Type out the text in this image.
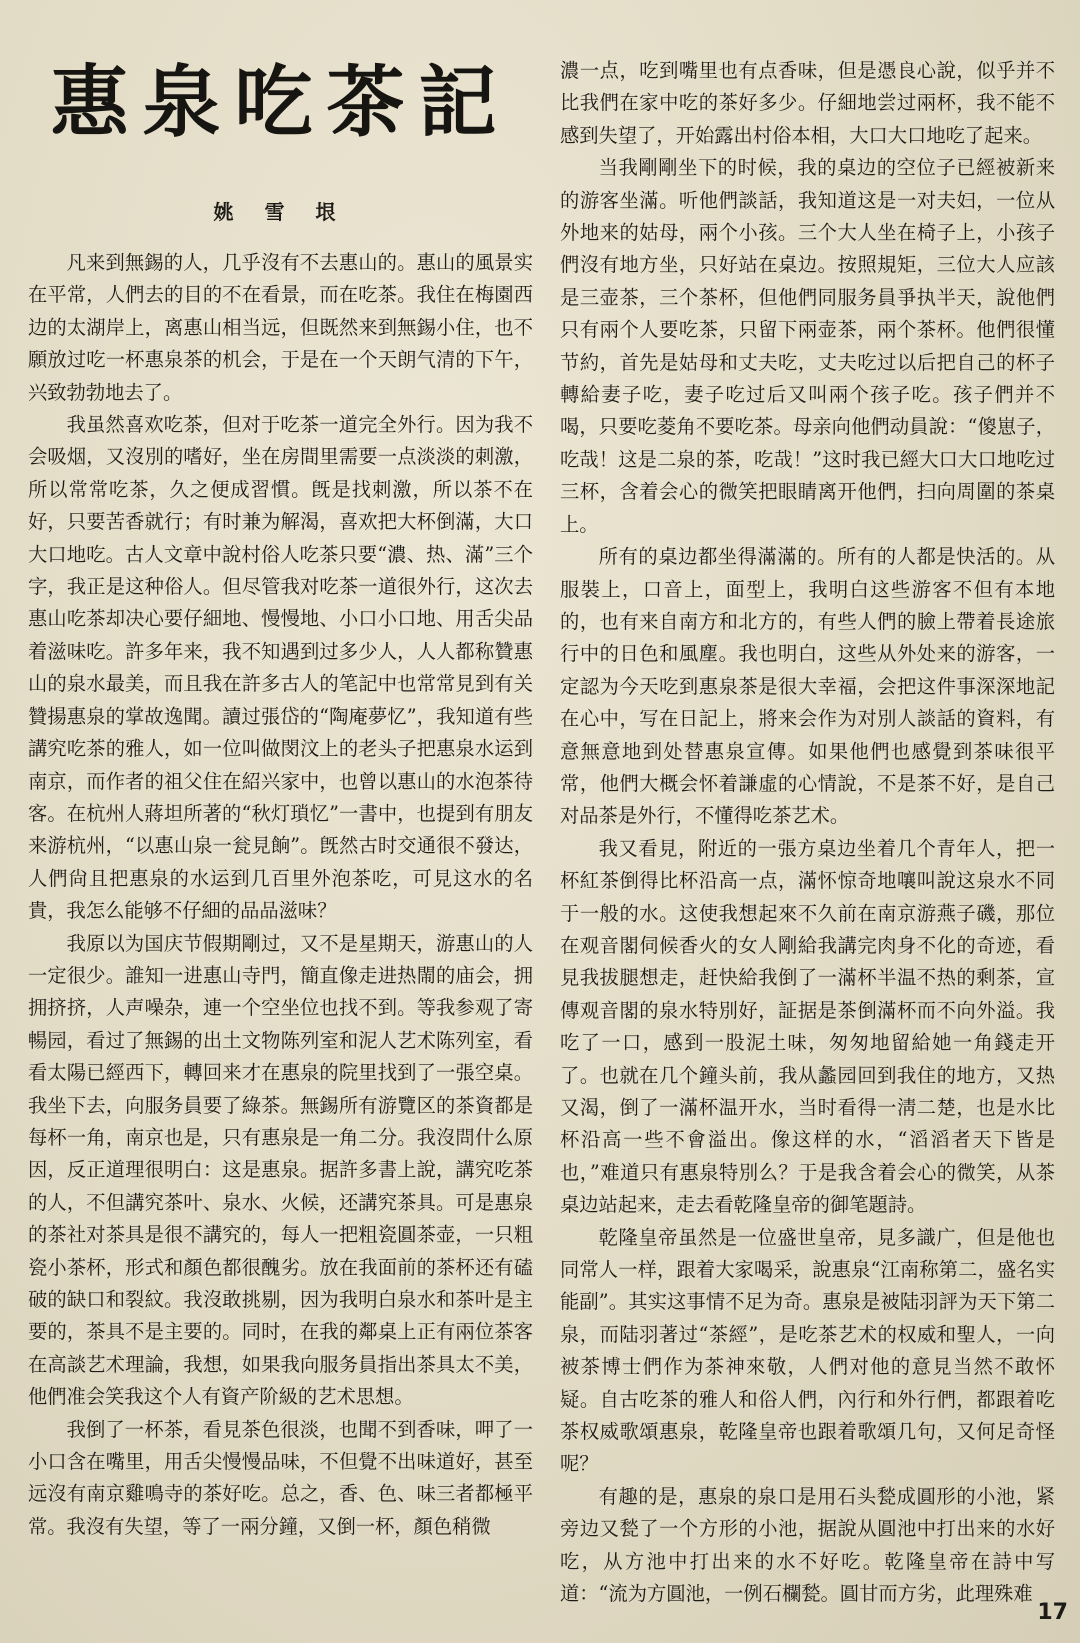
惠泉吃茶記
姚 雪 垠

凡来到無錫的人，几乎沒有不去惠山的。惠山的風景实在平常，人們去的目的不在看景，而在吃茶。我住在梅園西边的太湖岸上，离惠山相当远，但既然来到無錫小住，也不願放过吃一杯惠泉茶的机会，于是在一个天朗气清的下午，兴致勃勃地去了。

我虽然喜欢吃茶，但对于吃茶一道完全外行。因为我不会吸烟，又沒別的嗜好，坐在房間里需要一点淡淡的刺激，所以常常吃茶，久之便成習慣。旣是找刺激，所以茶不在好，只要苦香就行；有时兼为解渴，喜欢把大杯倒滿，大口大口地吃。古人文章中說村俗人吃茶只要“濃、热、滿”三个字，我正是这种俗人。但尽管我对吃茶一道很外行，这次去惠山吃茶却决心要仔細地、慢慢地、小口小口地、用舌尖品着滋味吃。許多年来，我不知遇到过多少人，人人都称贊惠山的泉水最美，而且我在許多古人的笔記中也常常見到有关贊揚惠泉的掌故逸聞。讀过張岱的“陶庵夢忆”，我知道有些講究吃茶的雅人，如一位叫做閔汶上的老头子把惠泉水运到南京，而作者的祖父住在紹兴家中，也曾以惠山的水泡茶待客。在杭州人蔣坦所著的“秋灯瑣忆”一書中，也提到有朋友来游杭州，“以惠山泉一瓮見餉”。旣然古时交通很不發达，人們尙且把惠泉的水运到几百里外泡茶吃，可見这水的名貴，我怎么能够不仔細的品品滋味？

我原以为国庆节假期剛过，又不是星期天，游惠山的人一定很少。誰知一进惠山寺門，簡直像走进热閙的庙会，拥拥挤挤，人声噪杂，連一个空坐位也找不到。等我参观了寄暢园，看过了無錫的出土文物陈列室和泥人艺术陈列室，看看太陽已經西下，轉回来才在惠泉的院里找到了一張空桌。我坐下去，向服务員要了綠茶。無錫所有游覽区的茶資都是每杯一角，南京也是，只有惠泉是一角二分。我沒問什么原因，反正道理很明白：这是惠泉。据許多書上說，講究吃茶的人，不但講究茶叶、泉水、火候，还講究茶具。可是惠泉的茶社对茶具是很不講究的，每人一把粗瓷圓茶壶，一只粗瓷小茶杯，形式和顏色都很醜劣。放在我面前的茶杯还有磕破的缺口和裂紋。我沒敢挑剔，因为我明白泉水和茶叶是主要的，茶具不是主要的。同时，在我的鄰桌上正有兩位茶客在高談艺术理論，我想，如果我向服务員指出茶具太不美，他們准会笑我这个人有資产阶級的艺术思想。

我倒了一杯茶，看見茶色很淡，也聞不到香味，呷了一小口含在嘴里，用舌尖慢慢品味，不但覺不出味道好，甚至远沒有南京雞鳴寺的茶好吃。总之，香、色、味三者都極平常。我沒有失望，等了一兩分鐘，又倒一杯，顏色稍微

濃一点，吃到嘴里也有点香味，但是憑良心說，似乎并不比我們在家中吃的茶好多少。仔細地尝过兩杯，我不能不感到失望了，开始露出村俗本相，大口大口地吃了起来。

当我剛剛坐下的时候，我的桌边的空位子已經被新来的游客坐滿。听他們談話，我知道这是一对夫妇，一位从外地来的姑母，兩个小孩。三个大人坐在椅子上，小孩子們沒有地方坐，只好站在桌边。按照規矩，三位大人应該是三壶茶，三个茶杯，但他們同服务員爭执半天，說他們只有兩个人要吃茶，只留下兩壶茶，兩个茶杯。他們很懂节約，首先是姑母和丈夫吃，丈夫吃过以后把自己的杯子轉給妻子吃，妻子吃过后又叫兩个孩子吃。孩子們并不喝，只要吃菱角不要吃茶。母亲向他們动員說：“傻崽子，吃哉！这是二泉的茶，吃哉！”这时我已經大口大口地吃过三杯，含着会心的微笑把眼睛离开他們，扫向周圍的茶桌上。

所有的桌边都坐得滿滿的。所有的人都是快活的。从服裝上，口音上，面型上，我明白这些游客不但有本地的，也有来自南方和北方的，有些人們的臉上帶着長途旅行中的日色和風塵。我也明白，这些从外处来的游客，一定認为今天吃到惠泉茶是很大幸福，会把这件事深深地記在心中，写在日記上，將来会作为对別人談話的資料，有意無意地到处替惠泉宣傳。如果他們也感覺到茶味很平常，他們大概会怀着謙虛的心情說，不是茶不好，是自己对品茶是外行，不懂得吃茶艺术。

我又看見，附近的一張方桌边坐着几个青年人，把一杯紅茶倒得比杯沿高一点，滿怀惊奇地嚷叫說这泉水不同于一般的水。这使我想起來不久前在南京游燕子磯，那位在观音閣伺候香火的女人剛給我講完肉身不化的奇迹，看見我拔腿想走，赶快給我倒了一滿杯半温不热的剩茶，宣傳观音閣的泉水特別好，証据是茶倒滿杯而不向外溢。我吃了一口，感到一股泥土味，匆匆地留給她一角錢走开了。也就在几个鐘头前，我从蠡园回到我住的地方，又热又渴，倒了一滿杯温开水，当时看得一淸二楚，也是水比杯沿高一些不會溢出。像这样的水，“滔滔者天下皆是也，”难道只有惠泉特別么？于是我含着会心的微笑，从茶桌边站起来，走去看乾隆皇帝的御笔題詩。

乾隆皇帝虽然是一位盛世皇帝，見多識广，但是他也同常人一样，跟着大家喝采，說惠泉“江南称第二，盛名实能副”。其实这事情不足为奇。惠泉是被陆羽評为天下第二泉，而陆羽著过“茶經”，是吃茶艺术的权威和聖人，一向被茶博士們作为茶神來敬，人們对他的意見当然不敢怀疑。自古吃茶的雅人和俗人們，內行和外行們，都跟着吃茶权威歌頌惠泉，乾隆皇帝也跟着歌頌几句，又何足奇怪呢？

有趣的是，惠泉的泉口是用石头甃成圓形的小池，紧旁边又甃了一个方形的小池，据說从圓池中打出来的水好吃，从方池中打出来的水不好吃。乾隆皇帝在詩中写道：“流为方圓池，一例石欄甃。圓甘而方劣，此理殊难

17
